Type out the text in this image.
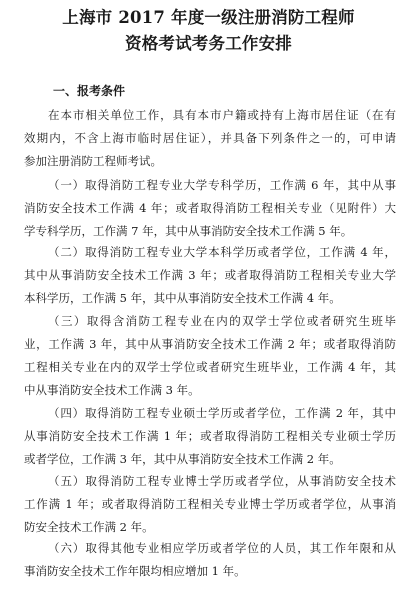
上海市 2017 年度一级注册消防工程师
资格考试考务工作安排
一、报考条件
在本市相关单位工作，具有本市户籍或持有上海市居住证（在有
效期内，不含上海市临时居住证），并具备下列条件之一的，可申请
参加注册消防工程师考试。
（一）取得消防工程专业大学专科学历，工作满 6 年，其中从事
消防安全技术工作满 4 年；或者取得消防工程相关专业（见附件）大
学专科学历，工作满 7 年，其中从事消防安全技术工作满 5 年。
（二）取得消防工程专业大学本科学历或者学位，工作满 4 年，
其中从事消防安全技术工作满 3 年；或者取得消防工程相关专业大学
本科学历，工作满 5 年，其中从事消防安全技术工作满 4 年。
（三）取得含消防工程专业在内的双学士学位或者研究生班毕
业，工作满 3 年，其中从事消防安全技术工作满 2 年；或者取得消防
工程相关专业在内的双学士学位或者研究生班毕业，工作满 4 年，其
中从事消防安全技术工作满 3 年。
（四）取得消防工程专业硕士学历或者学位，工作满 2 年，其中
从事消防安全技术工作满 1 年；或者取得消防工程相关专业硕士学历
或者学位，工作满 3 年，其中从事消防安全技术工作满 2 年。
（五）取得消防工程专业博士学历或者学位，从事消防安全技术
工作满 1 年；或者取得消防工程相关专业博士学历或者学位，从事消
防安全技术工作满 2 年。
（六）取得其他专业相应学历或者学位的人员，其工作年限和从
事消防安全技术工作年限均相应增加 1 年。
